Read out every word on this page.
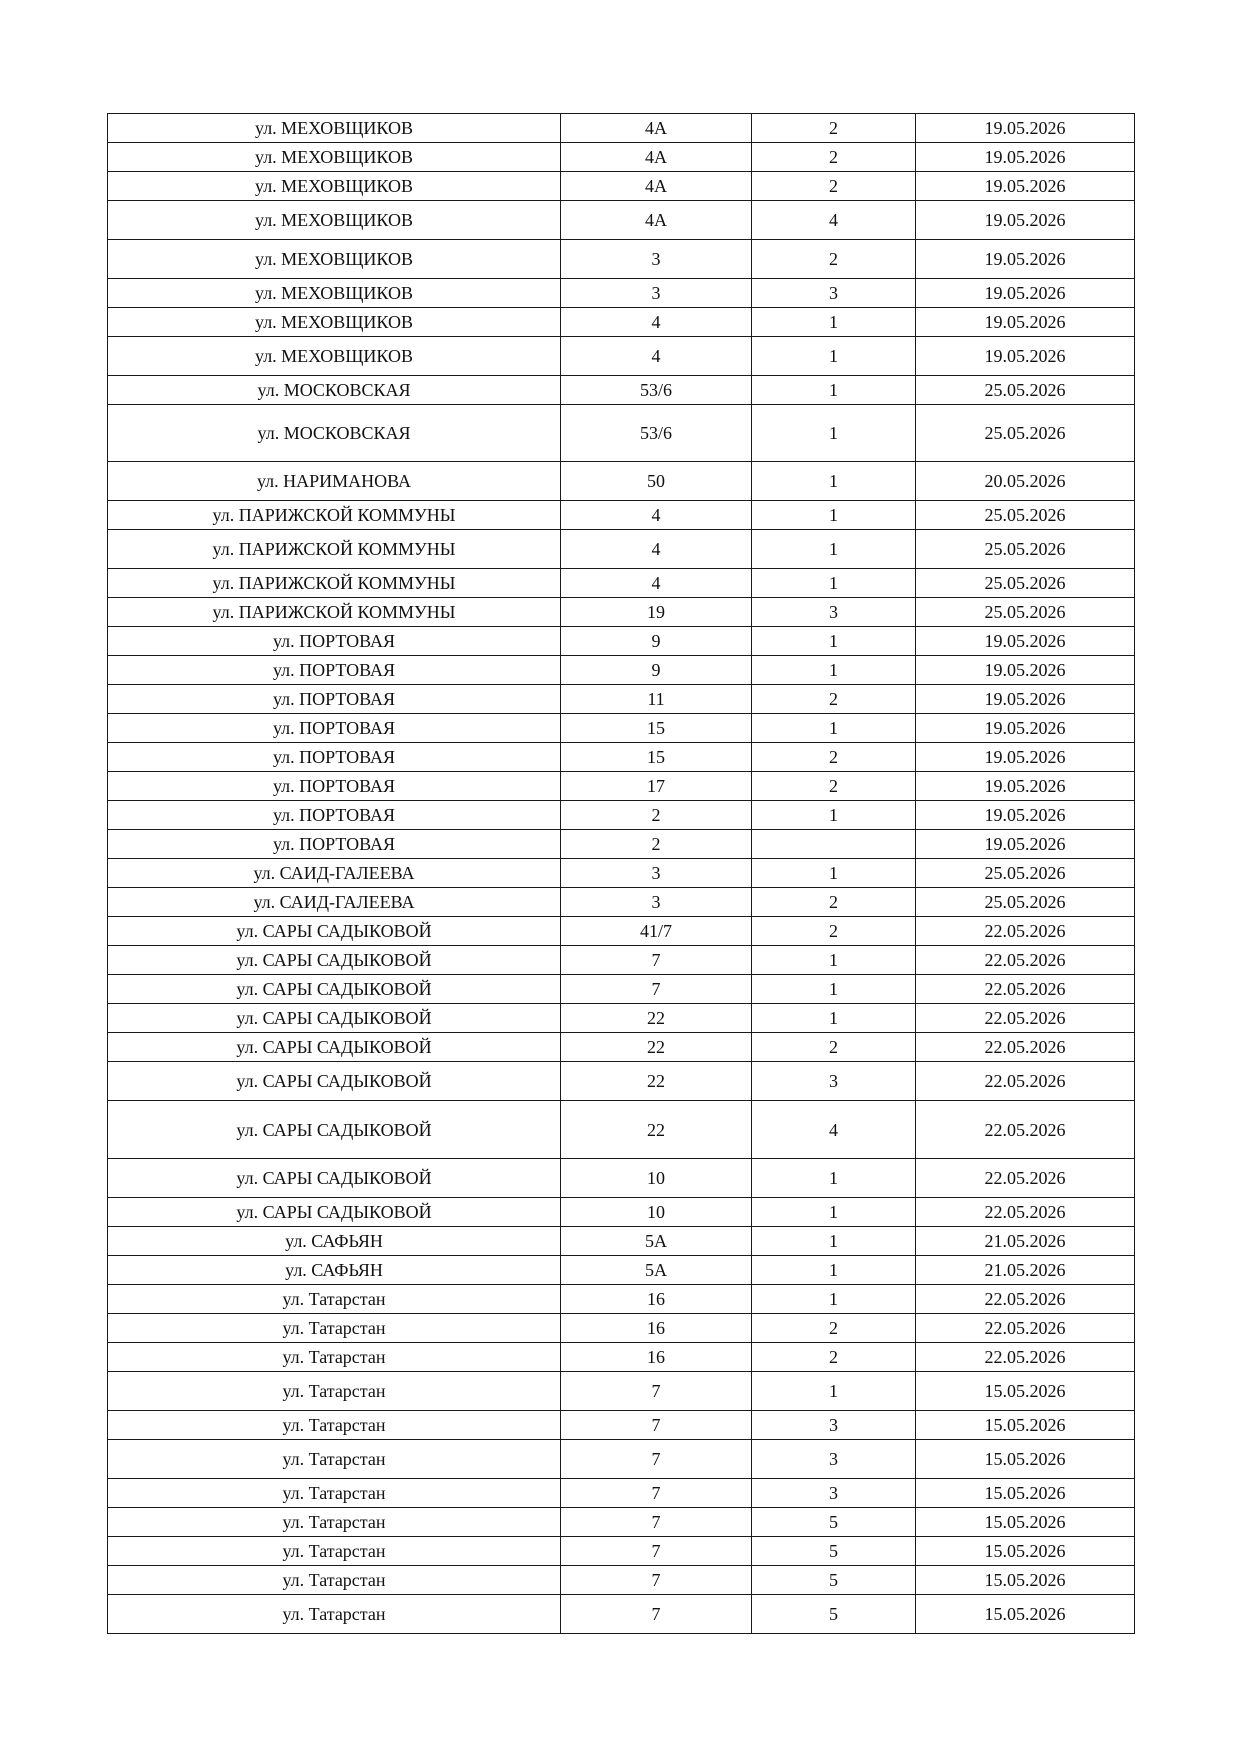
ул. МЕХОВЩИКОВ	4А	2	19.05.2026
ул. МЕХОВЩИКОВ	4А	2	19.05.2026
ул. МЕХОВЩИКОВ	4А	2	19.05.2026
ул. МЕХОВЩИКОВ	4А	4	19.05.2026
ул. МЕХОВЩИКОВ	3	2	19.05.2026
ул. МЕХОВЩИКОВ	3	3	19.05.2026
ул. МЕХОВЩИКОВ	4	1	19.05.2026
ул. МЕХОВЩИКОВ	4	1	19.05.2026
ул. МОСКОВСКАЯ	53/6	1	25.05.2026
ул. МОСКОВСКАЯ	53/6	1	25.05.2026
ул. НАРИМАНОВА	50	1	20.05.2026
ул. ПАРИЖСКОЙ КОММУНЫ	4	1	25.05.2026
ул. ПАРИЖСКОЙ КОММУНЫ	4	1	25.05.2026
ул. ПАРИЖСКОЙ КОММУНЫ	4	1	25.05.2026
ул. ПАРИЖСКОЙ КОММУНЫ	19	3	25.05.2026
ул. ПОРТОВАЯ	9	1	19.05.2026
ул. ПОРТОВАЯ	9	1	19.05.2026
ул. ПОРТОВАЯ	11	2	19.05.2026
ул. ПОРТОВАЯ	15	1	19.05.2026
ул. ПОРТОВАЯ	15	2	19.05.2026
ул. ПОРТОВАЯ	17	2	19.05.2026
ул. ПОРТОВАЯ	2	1	19.05.2026
ул. ПОРТОВАЯ	2		19.05.2026
ул. САИД-ГАЛЕЕВА	3	1	25.05.2026
ул. САИД-ГАЛЕЕВА	3	2	25.05.2026
ул. САРЫ САДЫКОВОЙ	41/7	2	22.05.2026
ул. САРЫ САДЫКОВОЙ	7	1	22.05.2026
ул. САРЫ САДЫКОВОЙ	7	1	22.05.2026
ул. САРЫ САДЫКОВОЙ	22	1	22.05.2026
ул. САРЫ САДЫКОВОЙ	22	2	22.05.2026
ул. САРЫ САДЫКОВОЙ	22	3	22.05.2026
ул. САРЫ САДЫКОВОЙ	22	4	22.05.2026
ул. САРЫ САДЫКОВОЙ	10	1	22.05.2026
ул. САРЫ САДЫКОВОЙ	10	1	22.05.2026
ул. САФЬЯН	5А	1	21.05.2026
ул. САФЬЯН	5А	1	21.05.2026
ул. Татарстан	16	1	22.05.2026
ул. Татарстан	16	2	22.05.2026
ул. Татарстан	16	2	22.05.2026
ул. Татарстан	7	1	15.05.2026
ул. Татарстан	7	3	15.05.2026
ул. Татарстан	7	3	15.05.2026
ул. Татарстан	7	3	15.05.2026
ул. Татарстан	7	5	15.05.2026
ул. Татарстан	7	5	15.05.2026
ул. Татарстан	7	5	15.05.2026
ул. Татарстан	7	5	15.05.2026
